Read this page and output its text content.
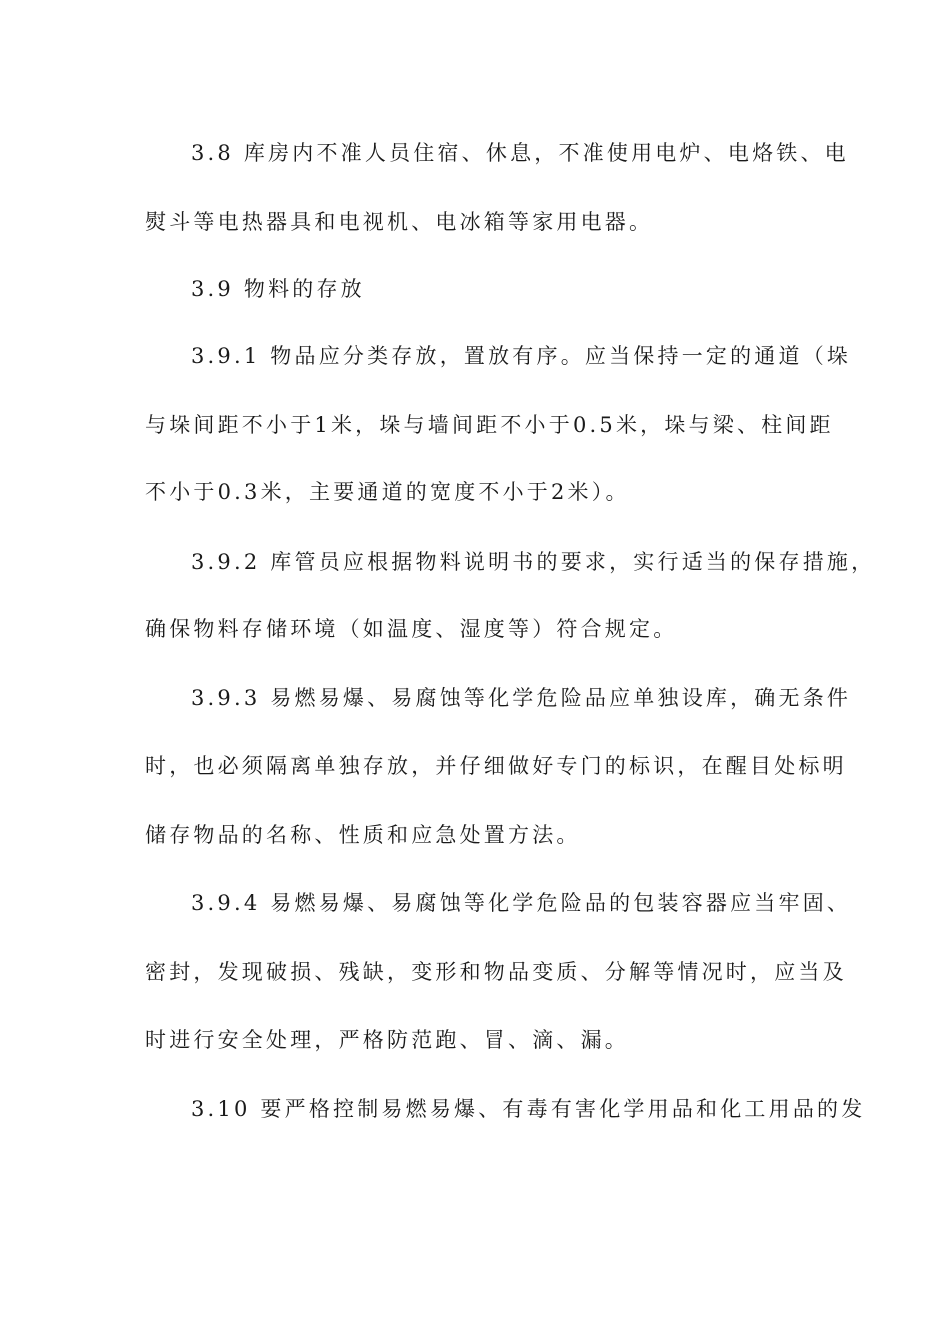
3.8 库房内不准人员住宿、休息，不准使用电炉、电烙铁、电
熨斗等电热器具和电视机、电冰箱等家用电器。
3.9 物料的存放
3.9.1 物品应分类存放，置放有序。应当保持一定的通道（垛
与垛间距不小于1米，垛与墙间距不小于0.5米，垛与梁、柱间距
不小于0.3米，主要通道的宽度不小于2米）。
3.9.2 库管员应根据物料说明书的要求，实行适当的保存措施，
确保物料存储环境（如温度、湿度等）符合规定。
3.9.3 易燃易爆、易腐蚀等化学危险品应单独设库，确无条件
时，也必须隔离单独存放，并仔细做好专门的标识，在醒目处标明
储存物品的名称、性质和应急处置方法。
3.9.4 易燃易爆、易腐蚀等化学危险品的包装容器应当牢固、
密封，发现破损、残缺，变形和物品变质、分解等情况时，应当及
时进行安全处理，严格防范跑、冒、滴、漏。
3.10 要严格控制易燃易爆、有毒有害化学用品和化工用品的发
